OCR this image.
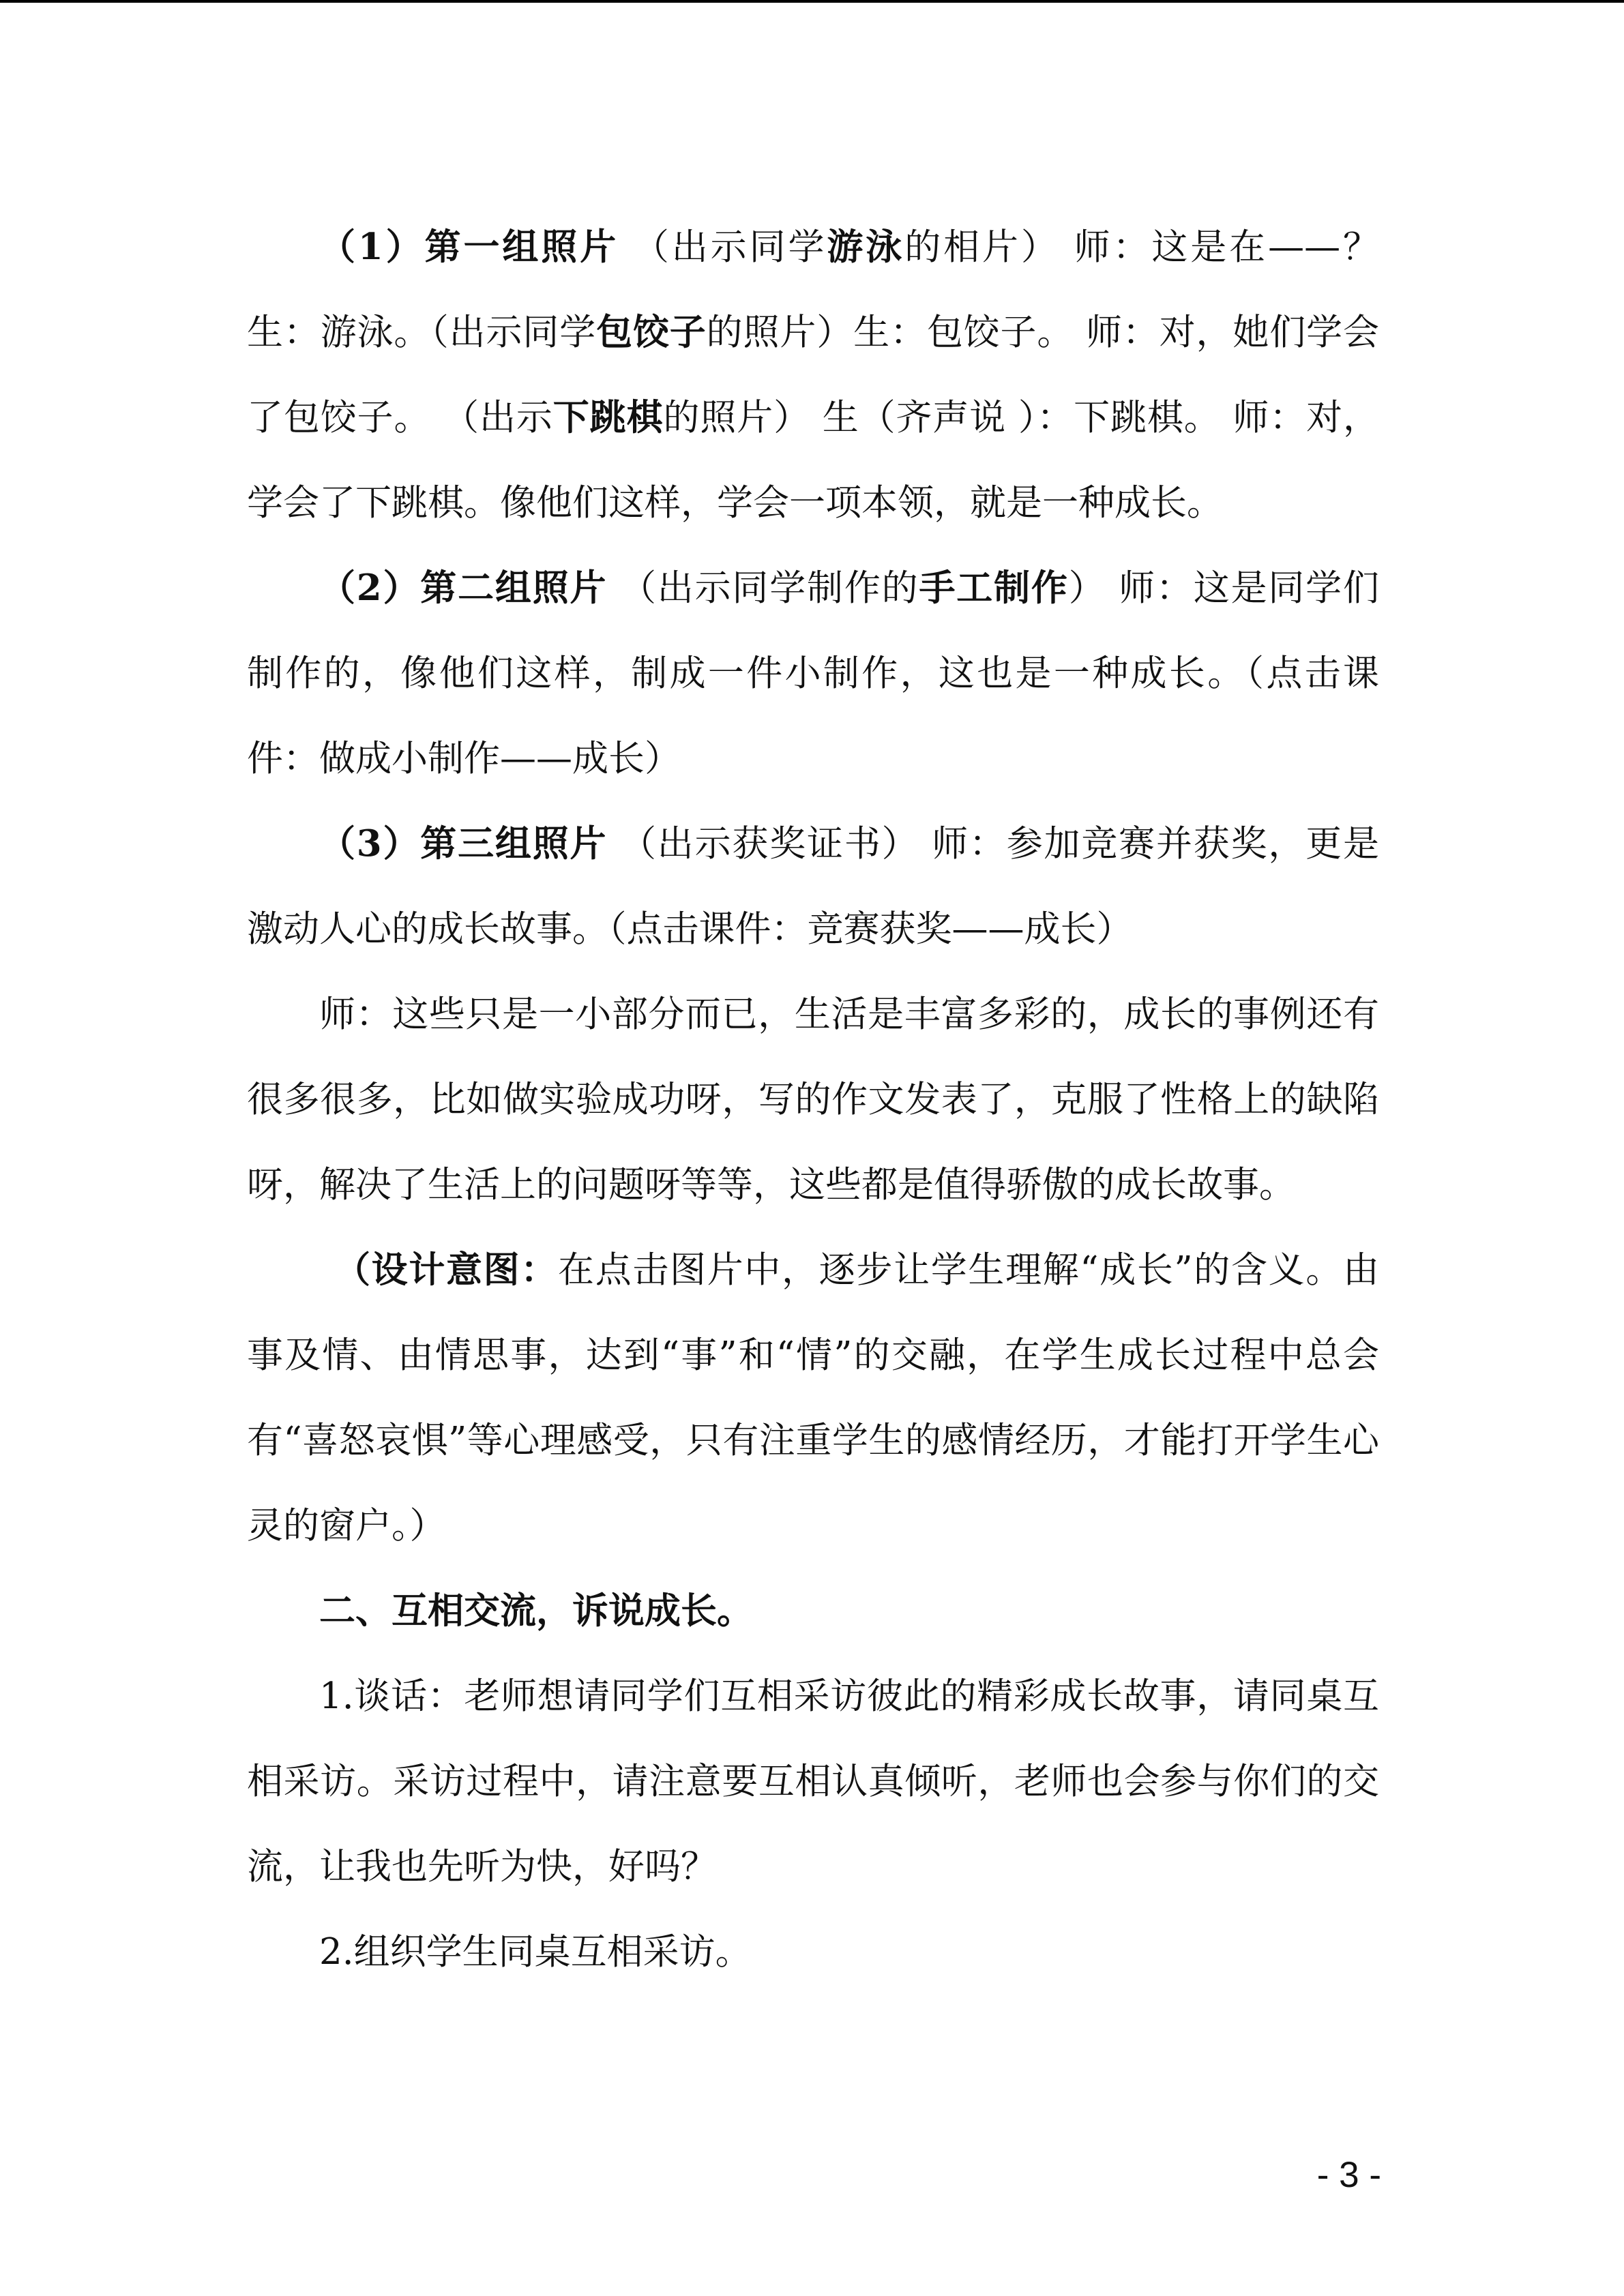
（1）第一组照片 （出示同学游泳的相片） 师：这是在——？生：游泳。（出示同学包饺子的照片）生：包饺子。 师：对，她们学会了包饺子。 （出示下跳棋的照片） 生（齐声说 ）：下跳棋。 师：对，学会了下跳棋。像他们这样，学会一项本领，就是一种成长。

（2）第二组照片 （出示同学制作的手工制作） 师：这是同学们制作的，像他们这样，制成一件小制作，这也是一种成长。（点击课件：做成小制作——成长）

（3）第三组照片 （出示获奖证书） 师：参加竞赛并获奖，更是激动人心的成长故事。（点击课件：竞赛获奖——成长）

师：这些只是一小部分而已，生活是丰富多彩的，成长的事例还有很多很多，比如做实验成功呀，写的作文发表了，克服了性格上的缺陷呀，解决了生活上的问题呀等等，这些都是值得骄傲的成长故事。

（设计意图：在点击图片中，逐步让学生理解“成长”的含义。由事及情、由情思事，达到“事”和“情”的交融，在学生成长过程中总会有“喜怒哀惧”等心理感受，只有注重学生的感情经历，才能打开学生心灵的窗户。）

二、互相交流，诉说成长。

1.谈话：老师想请同学们互相采访彼此的精彩成长故事，请同桌互相采访。采访过程中，请注意要互相认真倾听，老师也会参与你们的交流，让我也先听为快，好吗？

2.组织学生同桌互相采访。

- 3 -
